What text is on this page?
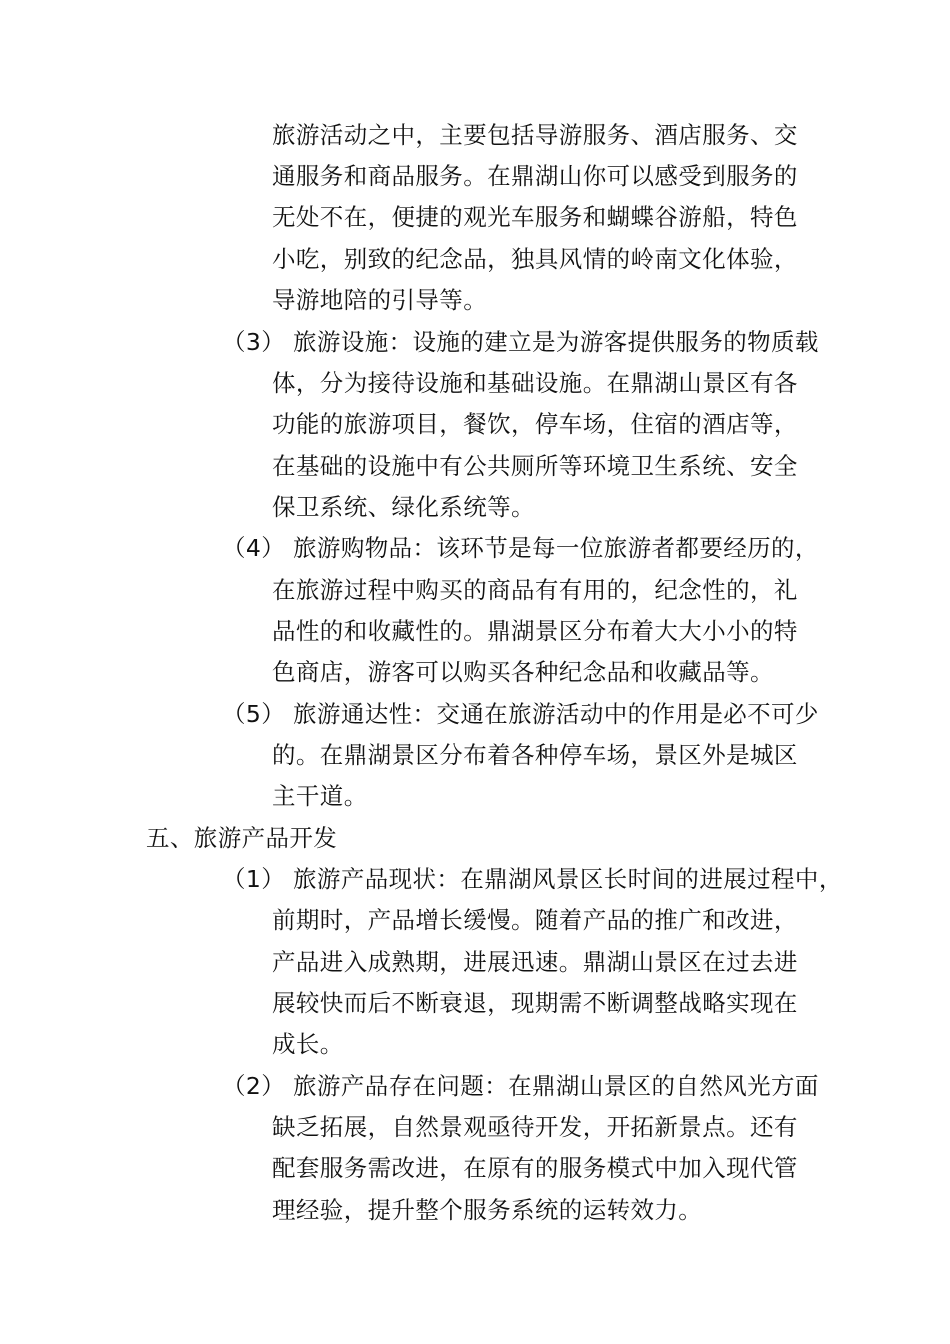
旅游活动之中，主要包括导游服务、酒店服务、交

通服务和商品服务。在鼎湖山你可以感受到服务的

无处不在，便捷的观光车服务和蝴蝶谷游船，特色

小吃，别致的纪念品，独具风情的岭南文化体验，

导游地陪的引导等。

（3） 旅游设施：设施的建立是为游客提供服务的物质载

体，分为接待设施和基础设施。在鼎湖山景区有各

功能的旅游项目，餐饮，停车场，住宿的酒店等，

在基础的设施中有公共厕所等环境卫生系统、安全

保卫系统、绿化系统等。

（4） 旅游购物品：该环节是每一位旅游者都要经历的，

在旅游过程中购买的商品有有用的，纪念性的，礼

品性的和收藏性的。鼎湖景区分布着大大小小的特

色商店，游客可以购买各种纪念品和收藏品等。

（5） 旅游通达性：交通在旅游活动中的作用是必不可少

的。在鼎湖景区分布着各种停车场，景区外是城区

主干道。

五、旅游产品开发

（1） 旅游产品现状：在鼎湖风景区长时间的进展过程中，

前期时，产品增长缓慢。随着产品的推广和改进，

产品进入成熟期，进展迅速。鼎湖山景区在过去进

展较快而后不断衰退，现期需不断调整战略实现在

成长。

（2） 旅游产品存在问题：在鼎湖山景区的自然风光方面

缺乏拓展，自然景观亟待开发，开拓新景点。还有

配套服务需改进，在原有的服务模式中加入现代管

理经验，提升整个服务系统的运转效力。
